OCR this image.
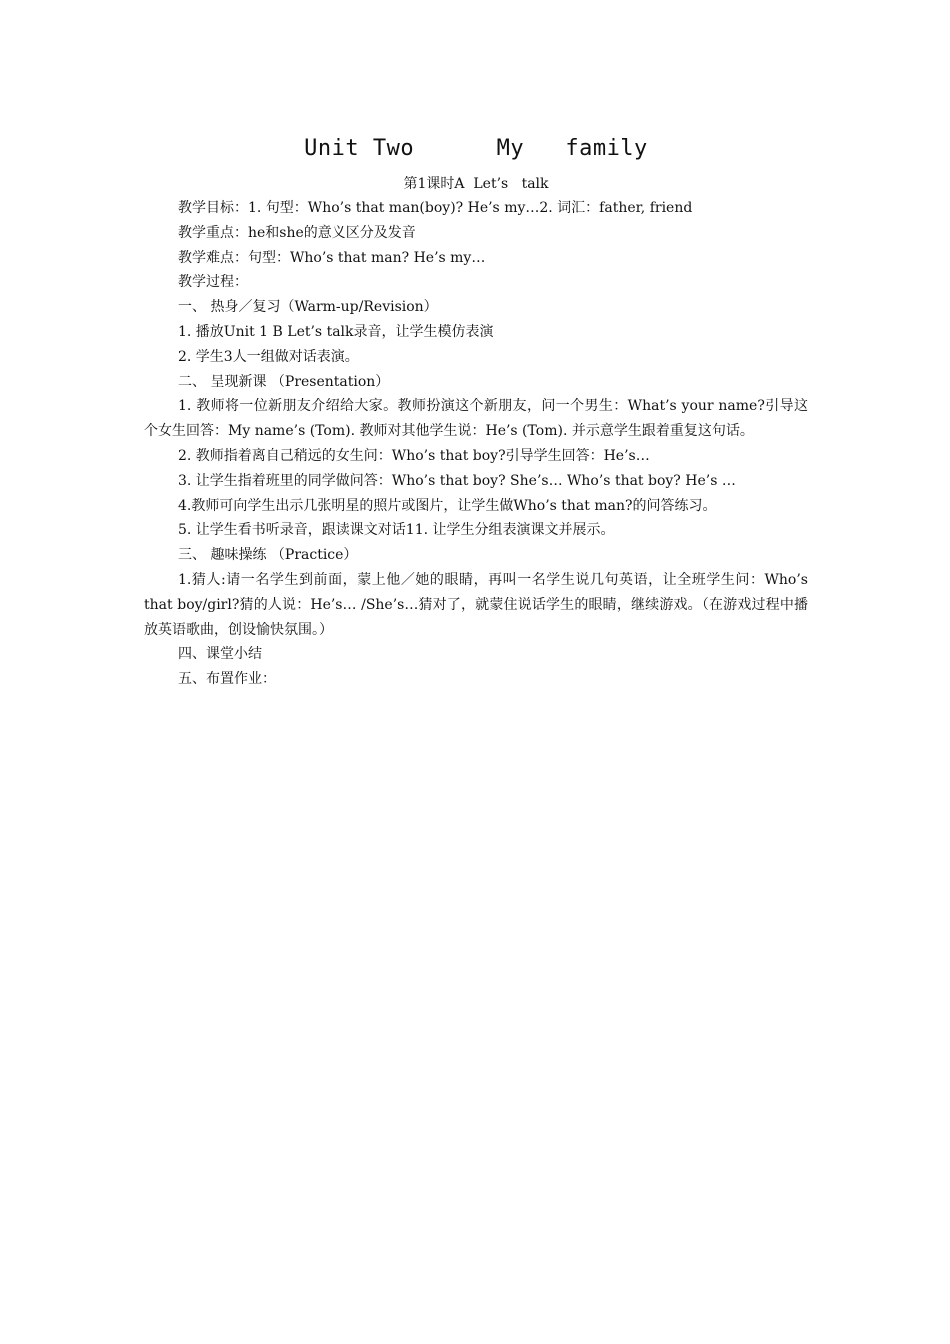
Unit Two      My   family
第1课时A  Let’s   talk
教学目标：1. 句型：Who’s that man(boy)? He’s my…2. 词汇：father, friend
教学重点：he和she的意义区分及发音
教学难点：句型：Who’s that man? He’s my…
教学过程：
一、 热身／复习（Warm-up/Revision）
1. 播放Unit 1 B Let’s talk录音，让学生模仿表演
2. 学生3人一组做对话表演。
二、 呈现新课 （Presentation）
1. 教师将一位新朋友介绍给大家。教师扮演这个新朋友，问一个男生：What’s your name?引导这个女生回答：My name’s (Tom). 教师对其他学生说：He’s (Tom). 并示意学生跟着重复这句话。
2. 教师指着离自己稍远的女生问：Who’s that boy?引导学生回答：He’s…
3. 让学生指着班里的同学做问答：Who’s that boy? She’s… Who’s that boy? He’s …
4.教师可向学生出示几张明星的照片或图片，让学生做Who’s that man?的问答练习。
5. 让学生看书听录音，跟读课文对话11. 让学生分组表演课文并展示。
三、 趣味操练 （Practice）
1.猜人:请一名学生到前面，蒙上他／她的眼睛，再叫一名学生说几句英语，让全班学生问：Who’s that boy/girl?猜的人说：He’s… /She’s…猜对了，就蒙住说话学生的眼睛，继续游戏。（在游戏过程中播放英语歌曲，创设愉快氛围。）
四、课堂小结
五、布置作业：
